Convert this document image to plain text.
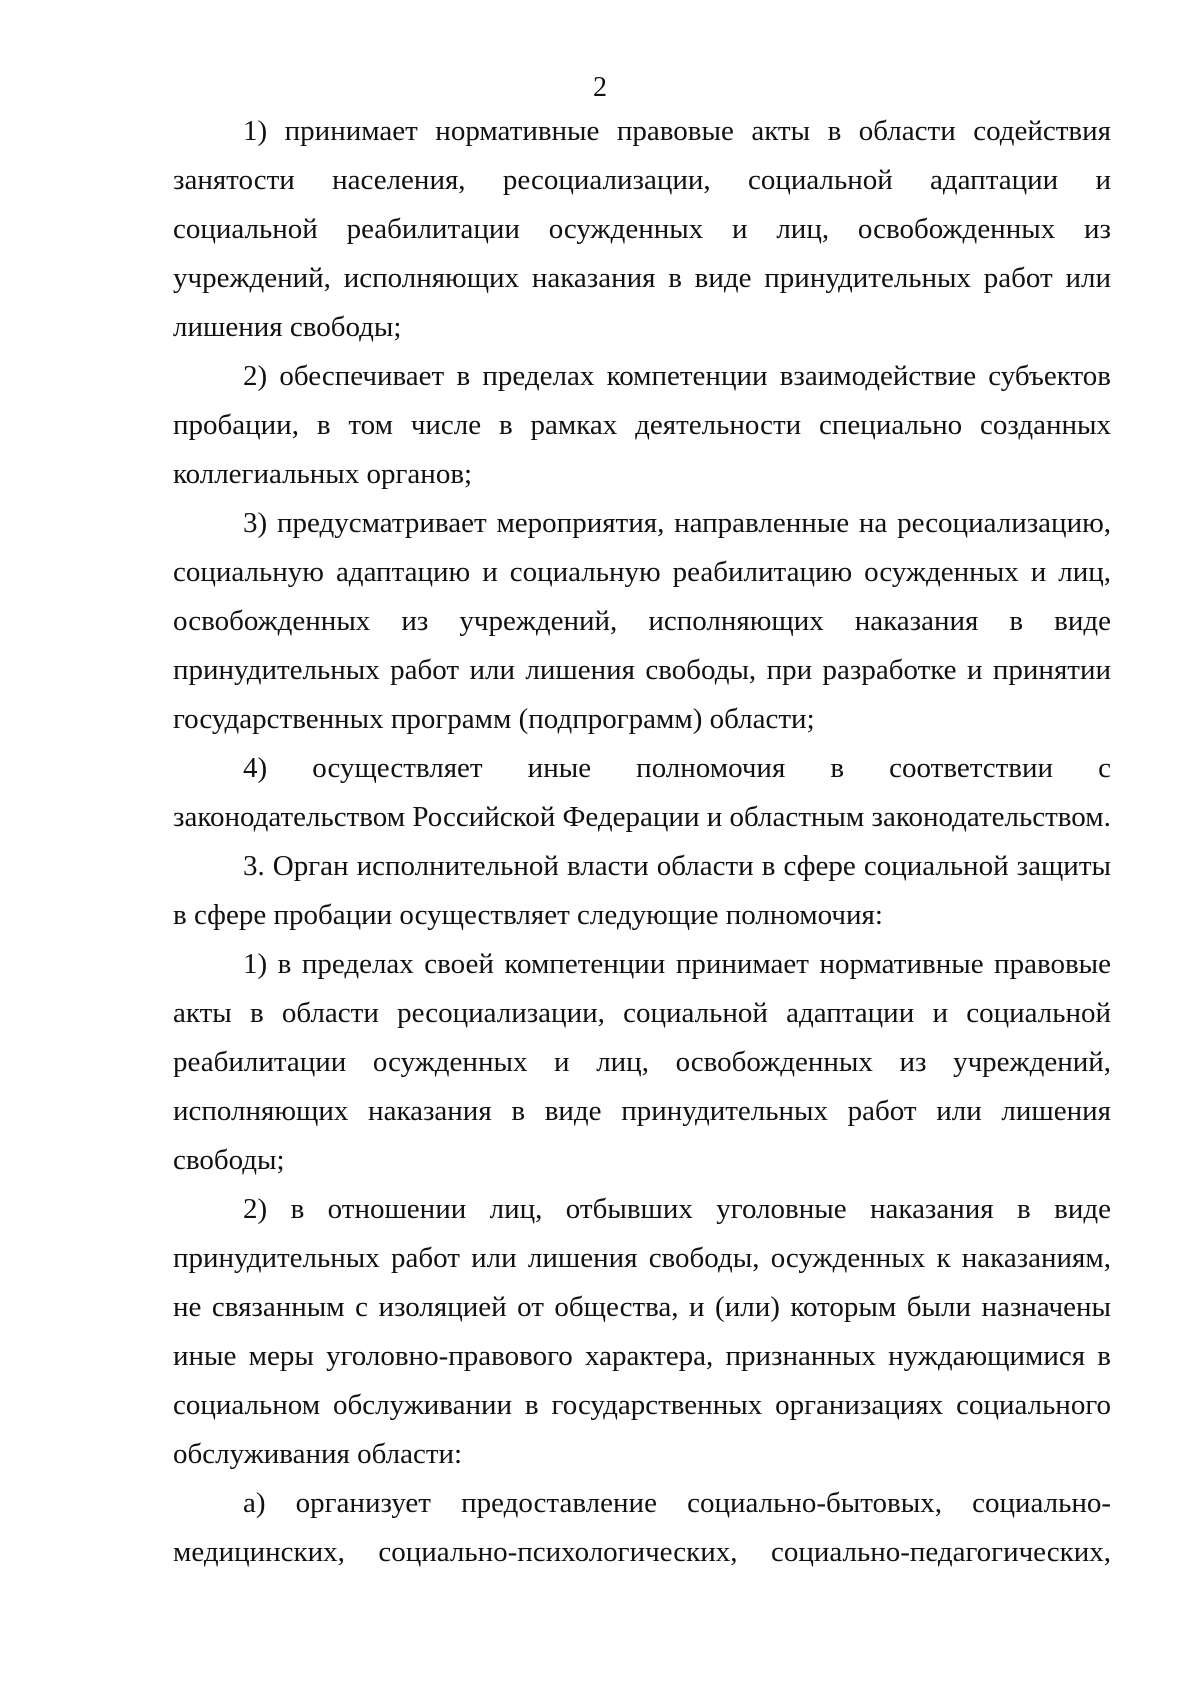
2

1) принимает нормативные правовые акты в области содействия занятости населения, ресоциализации, социальной адаптации и социальной реабилитации осужденных и лиц, освобожденных из учреждений, исполняющих наказания в виде принудительных работ или лишения свободы;

2) обеспечивает в пределах компетенции взаимодействие субъектов пробации, в том числе в рамках деятельности специально созданных коллегиальных органов;

3) предусматривает мероприятия, направленные на ресоциализацию, социальную адаптацию и социальную реабилитацию осужденных и лиц, освобожденных из учреждений, исполняющих наказания в виде принудительных работ или лишения свободы, при разработке и принятии государственных программ (подпрограмм) области;

4) осуществляет иные полномочия в соответствии с законодательством Российской Федерации и областным законодательством.

3. Орган исполнительной власти области в сфере социальной защиты в сфере пробации осуществляет следующие полномочия:

1) в пределах своей компетенции принимает нормативные правовые акты в области ресоциализации, социальной адаптации и социальной реабилитации осужденных и лиц, освобожденных из учреждений, исполняющих наказания в виде принудительных работ или лишения свободы;

2) в отношении лиц, отбывших уголовные наказания в виде принудительных работ или лишения свободы, осужденных к наказаниям, не связанным с изоляцией от общества, и (или) которым были назначены иные меры уголовно-правового характера, признанных нуждающимися в социальном обслуживании в государственных организациях социального обслуживания области:

а) организует предоставление социально-бытовых, социально-медицинских, социально-психологических, социально-педагогических,
